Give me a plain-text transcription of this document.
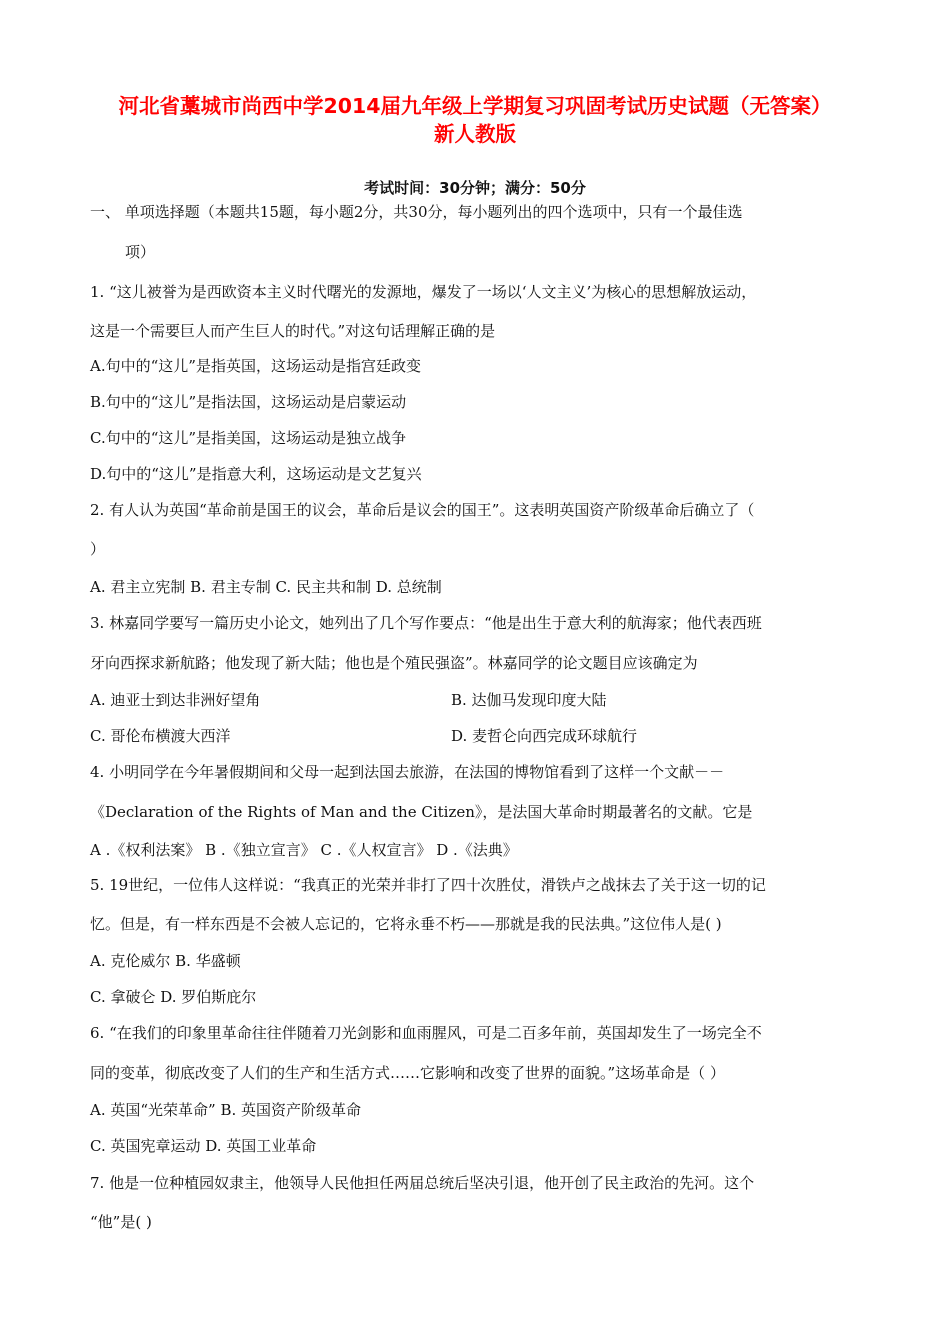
河北省藁城市尚西中学2014届九年级上学期复习巩固考试历史试题（无答案）
新人教版
考试时间：30分钟；满分：50分
一、 单项选择题（本题共15题，每小题2分，共30分，每小题列出的四个选项中，只有一个最佳选
项）
1. “这儿被誉为是西欧资本主义时代曙光的发源地，爆发了一场以‘人文主义’为核心的思想解放运动，
这是一个需要巨人而产生巨人的时代。”对这句话理解正确的是
A.句中的“这儿”是指英国，这场运动是指宫廷政变
B.句中的“这儿”是指法国，这场运动是启蒙运动
C.句中的“这儿”是指美国，这场运动是独立战争
D.句中的“这儿”是指意大利，这场运动是文艺复兴
2. 有人认为英国“革命前是国王的议会，革命后是议会的国王”。这表明英国资产阶级革命后确立了（
）
A. 君主立宪制 B. 君主专制 C. 民主共和制 D. 总统制
3. 林嘉同学要写一篇历史小论文，她列出了几个写作要点：“他是出生于意大利的航海家；他代表西班
牙向西探求新航路；他发现了新大陆；他也是个殖民强盗”。林嘉同学的论文题目应该确定为
A. 迪亚士到达非洲好望角	B. 达伽马发现印度大陆
C. 哥伦布横渡大西洋	D. 麦哲仑向西完成环球航行
4. 小明同学在今年暑假期间和父母一起到法国去旅游，在法国的博物馆看到了这样一个文献－－
《Declaration of the Rights of Man and the Citizen》，是法国大革命时期最著名的文献。它是
A .《权利法案》 B .《独立宣言》 C .《人权宣言》 D .《法典》
5. 19世纪，一位伟人这样说：“我真正的光荣并非打了四十次胜仗，滑铁卢之战抹去了关于这一切的记
忆。但是，有一样东西是不会被人忘记的，它将永垂不朽——那就是我的民法典。”这位伟人是( )
A. 克伦威尔 B. 华盛顿
C. 拿破仑 D. 罗伯斯庇尔
6. “在我们的印象里革命往往伴随着刀光剑影和血雨腥风，可是二百多年前，英国却发生了一场完全不
同的变革，彻底改变了人们的生产和生活方式……它影响和改变了世界的面貌。”这场革命是（ ）
A. 英国“光荣革命” B. 英国资产阶级革命
C. 英国宪章运动 D. 英国工业革命
7. 他是一位种植园奴隶主，他领导人民他担任两届总统后坚决引退，他开创了民主政治的先河。这个
“他”是( )
